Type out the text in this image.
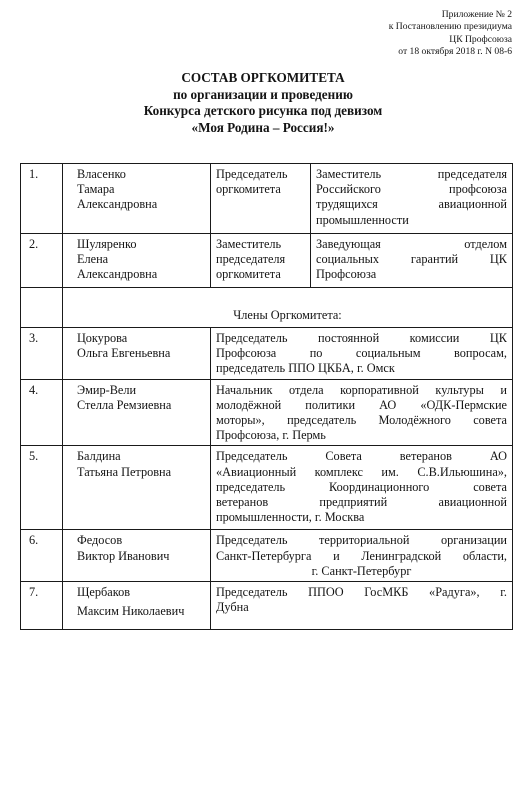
Приложение № 2
к Постановлению президиума
ЦК Профсоюза
от 18 октября 2018 г. N 08-6
СОСТАВ ОРГКОМИТЕТА
по организации и проведению
Конкурса детского рисунка под девизом
«Моя Родина – Россия!»
1.	Власенко
Тамара
Александровна	Председатель
оргкомитета	Заместитель председателя
Российского профсоюза
трудящихся авиационной
промышленности

2.	Шуляренко
Елена
Александровна	Заместитель
председателя
оргкомитета	Заведующая отделом
социальных гарантий ЦК
Профсоюза

	Члены Оргкомитета:		
3.	Цокурова
Ольга Евгеньевна	Председатель постоянной комиссии ЦК
Профсоюза по социальным вопросам,
председатель ППО ЦКБА, г. Омск	

4.	Эмир-Вели
Стелла Ремзиевна	Начальник отдела корпоративной культуры и
молодёжной политики АО «ОДК-Пермские
моторы», председатель Молодёжного совета
Профсоюза, г. Пермь	

5.	Балдина
Татьяна Петровна	Председатель Совета ветеранов АО
«Авиационный комплекс им. С.В.Ильюшина»,
председатель Координационного совета
ветеранов предприятий авиационной
промышленности, г. Москва	

6.	Федосов
Виктор Иванович	Председатель территориальной организации
Санкт-Петербурга и Ленинградской области,
г. Санкт-Петербург	

7.	Щербаков
Максим Николаевич	Председатель ППОО ГосМКБ «Радуга», г.
Дубна	
